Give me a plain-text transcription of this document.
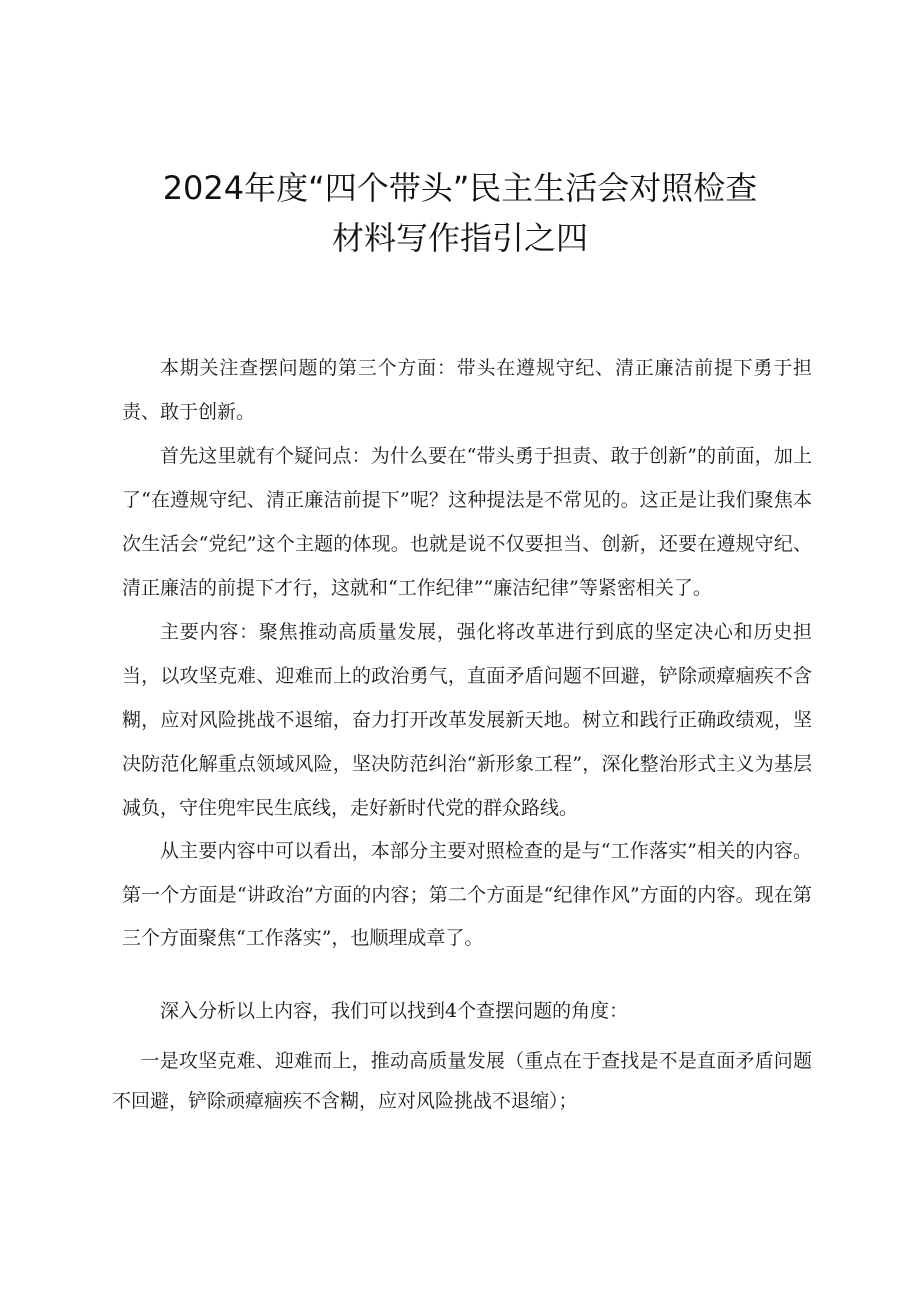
2024年度“四个带头”民主生活会对照检查
材料写作指引之四

本期关注查摆问题的第三个方面：带头在遵规守纪、清正廉洁前提下勇于担责、敢于创新。

首先这里就有个疑问点：为什么要在“带头勇于担责、敢于创新”的前面，加上了“在遵规守纪、清正廉洁前提下”呢？这种提法是不常见的。这正是让我们聚焦本次生活会“党纪”这个主题的体现。也就是说不仅要担当、创新，还要在遵规守纪、清正廉洁的前提下才行，这就和“工作纪律”“廉洁纪律”等紧密相关了。

主要内容：聚焦推动高质量发展，强化将改革进行到底的坚定决心和历史担当，以攻坚克难、迎难而上的政治勇气，直面矛盾问题不回避，铲除顽瘴痼疾不含糊，应对风险挑战不退缩，奋力打开改革发展新天地。树立和践行正确政绩观，坚决防范化解重点领域风险，坚决防范纠治“新形象工程”，深化整治形式主义为基层减负，守住兜牢民生底线，走好新时代党的群众路线。

从主要内容中可以看出，本部分主要对照检查的是与“工作落实”相关的内容。第一个方面是“讲政治”方面的内容；第二个方面是“纪律作风”方面的内容。现在第三个方面聚焦“工作落实”，也顺理成章了。

深入分析以上内容，我们可以找到4个查摆问题的角度：

一是攻坚克难、迎难而上，推动高质量发展（重点在于查找是不是直面矛盾问题不回避，铲除顽瘴痼疾不含糊，应对风险挑战不退缩）；
